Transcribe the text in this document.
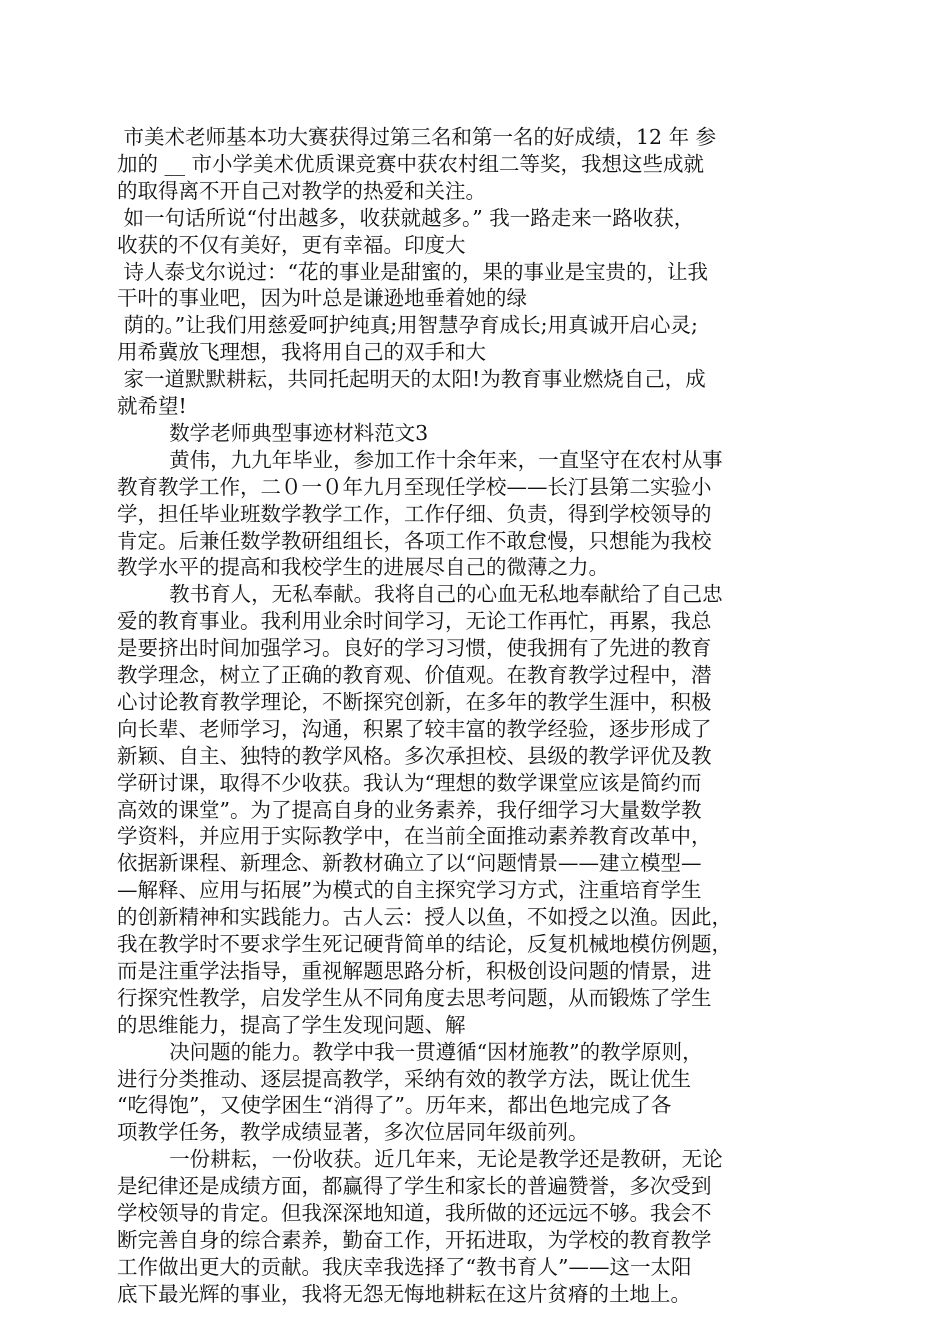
市美术老师基本功大赛获得过第三名和第一名的好成绩，12 年 参
加的 __ 市小学美术优质课竞赛中获农村组二等奖，我想这些成就
的取得离不开自己对教学的热爱和关注。
如一句话所说“付出越多，收获就越多。” 我一路走来一路收获，
收获的不仅有美好，更有幸福。印度大
诗人泰戈尔说过：“花的事业是甜蜜的，果的事业是宝贵的，让我
干叶的事业吧，因为叶总是谦逊地垂着她的绿
荫的。”让我们用慈爱呵护纯真;用智慧孕育成长;用真诚开启心灵;
用希冀放飞理想，我将用自己的双手和大
家一道默默耕耘，共同托起明天的太阳!为教育事业燃烧自己，成
就希望!
数学老师典型事迹材料范文3
黄伟，九九年毕业，参加工作十余年来，一直坚守在农村从事
教育教学工作，二０一０年九月至现任学校——长汀县第二实验小
学，担任毕业班数学教学工作，工作仔细、负责，得到学校领导的
肯定。后兼任数学教研组组长，各项工作不敢怠慢，只想能为我校
教学水平的提高和我校学生的进展尽自己的微薄之力。
教书育人，无私奉献。我将自己的心血无私地奉献给了自己忠
爱的教育事业。我利用业余时间学习，无论工作再忙，再累，我总
是要挤出时间加强学习。良好的学习习惯，使我拥有了先进的教育
教学理念，树立了正确的教育观、价值观。在教育教学过程中，潜
心讨论教育教学理论，不断探究创新，在多年的教学生涯中，积极
向长辈、老师学习，沟通，积累了较丰富的教学经验，逐步形成了
新颖、自主、独特的教学风格。多次承担校、县级的教学评优及教
学研讨课，取得不少收获。我认为“理想的数学课堂应该是简约而
高效的课堂”。为了提高自身的业务素养，我仔细学习大量数学教
学资料，并应用于实际教学中，在当前全面推动素养教育改革中，
依据新课程、新理念、新教材确立了以“问题情景——建立模型—
—解释、应用与拓展”为模式的自主探究学习方式，注重培育学生
的创新精神和实践能力。古人云：授人以鱼，不如授之以渔。因此，
我在教学时不要求学生死记硬背简单的结论，反复机械地模仿例题，
而是注重学法指导，重视解题思路分析，积极创设问题的情景，进
行探究性教学，启发学生从不同角度去思考问题，从而锻炼了学生
的思维能力，提高了学生发现问题、解
决问题的能力。教学中我一贯遵循“因材施教”的教学原则，
进行分类推动、逐层提高教学，采纳有效的教学方法，既让优生
“吃得饱”，又使学困生“消得了”。历年来，都出色地完成了各
项教学任务，教学成绩显著，多次位居同年级前列。
一份耕耘，一份收获。近几年来，无论是教学还是教研，无论
是纪律还是成绩方面，都赢得了学生和家长的普遍赞誉，多次受到
学校领导的肯定。但我深深地知道，我所做的还远远不够。我会不
断完善自身的综合素养，勤奋工作，开拓进取，为学校的教育教学
工作做出更大的贡献。我庆幸我选择了“教书育人”——这一太阳
底下最光辉的事业，我将无怨无悔地耕耘在这片贫瘠的土地上。
